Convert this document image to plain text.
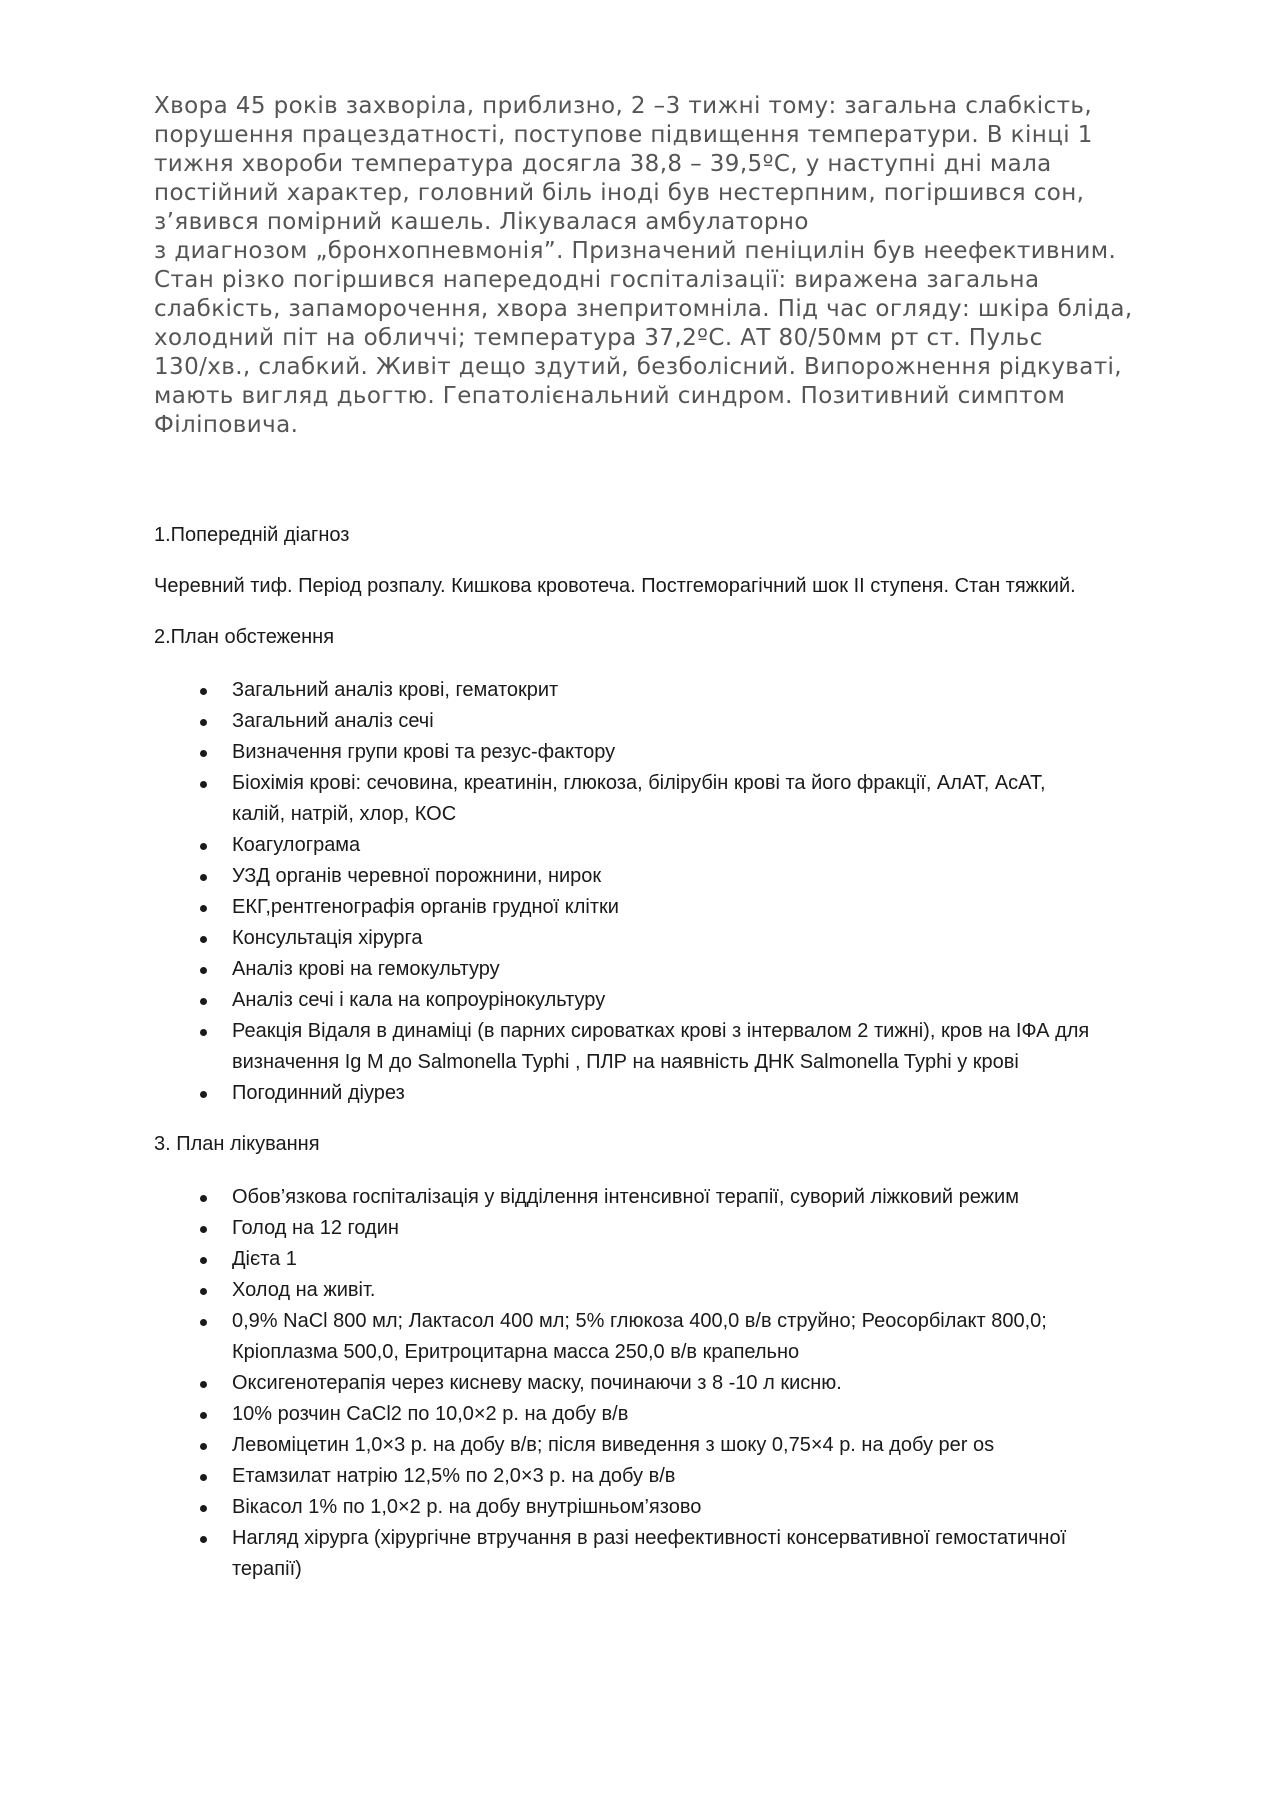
Хвора 45 років захворіла, приблизно, 2 –3 тижні тому: загальна слабкість,
порушення працездатності, поступове підвищення температури. В кінці 1
тижня хвороби температура досягла 38,8 – 39,5ºС, у наступні дні мала
постійний характер, головний біль іноді був нестерпним, погіршився сон,
з’явився помірний кашель. Лікувалася амбулаторно
з диагнозом „бронхопневмонія”. Призначений пеніцилін був неефективним.
Стан різко погіршився напередодні госпіталізації: виражена загальна
слабкість, запаморочення, хвора знепритомніла. Під час огляду: шкіра бліда,
холодний піт на обличчі; температура 37,2ºС. АТ 80/50мм рт ст. Пульс
130/хв., слабкий. Живіт дещо здутий, безболісний. Випорожнення рідкуваті,
мають вигляд дьогтю. Гепатолієнальний синдром. Позитивний симптом
Філіповича.

1.Попередній діагноз

Черевний тиф. Період розпалу. Кишкова кровотеча. Постгеморагічний шок ІІ ступеня. Стан тяжкий.

2.План обстеження

Загальний аналіз крові, гематокрит
Загальний аналіз сечі
Визначення групи крові та резус-фактору
Біохімія крові: сечовина, креатинін, глюкоза, білірубін крові та його фракції, АлАТ, АсАТ,
калій, натрій, хлор, КОС
Коагулограма
УЗД органів черевної порожнини, нирок
ЕКГ,рентгенографія органів грудної клітки
Консультація хірурга
Аналіз крові на гемокультуру
Аналіз сечі і кала на копроурінокультуру
Реакція Відаля в динаміці (в парних сироватках крові з інтервалом 2 тижні), кров на ІФА для
визначення Ig M до Salmonella Typhi , ПЛР на наявність ДНК Salmonella Typhi у крові
Погодинний діурез

3. План лікування

Обов’язкова госпіталізація у відділення інтенсивної терапії, суворий ліжковий режим
Голод на 12 годин
Дієта 1
Холод на живіт.
0,9% NaCl 800 мл; Лактасол 400 мл; 5% глюкоза 400,0 в/в струйно; Реосорбілакт 800,0;
Кріоплазма 500,0, Еритроцитарна масса 250,0 в/в крапельно
Оксигенотерапія через кисневу маску, починаючи з 8 -10 л кисню.
10% розчин CaCl2 по 10,0×2 р. на добу в/в
Левоміцетин 1,0×3 р. на добу в/в; після виведення з шоку 0,75×4 р. на добу per os
Етамзилат натрію 12,5% по 2,0×3 р. на добу в/в
Вікасол 1% по 1,0×2 р. на добу внутрішньом’язово
Нагляд хірурга (хірургічне втручання в разі неефективності консервативної гемостатичної
терапії)
